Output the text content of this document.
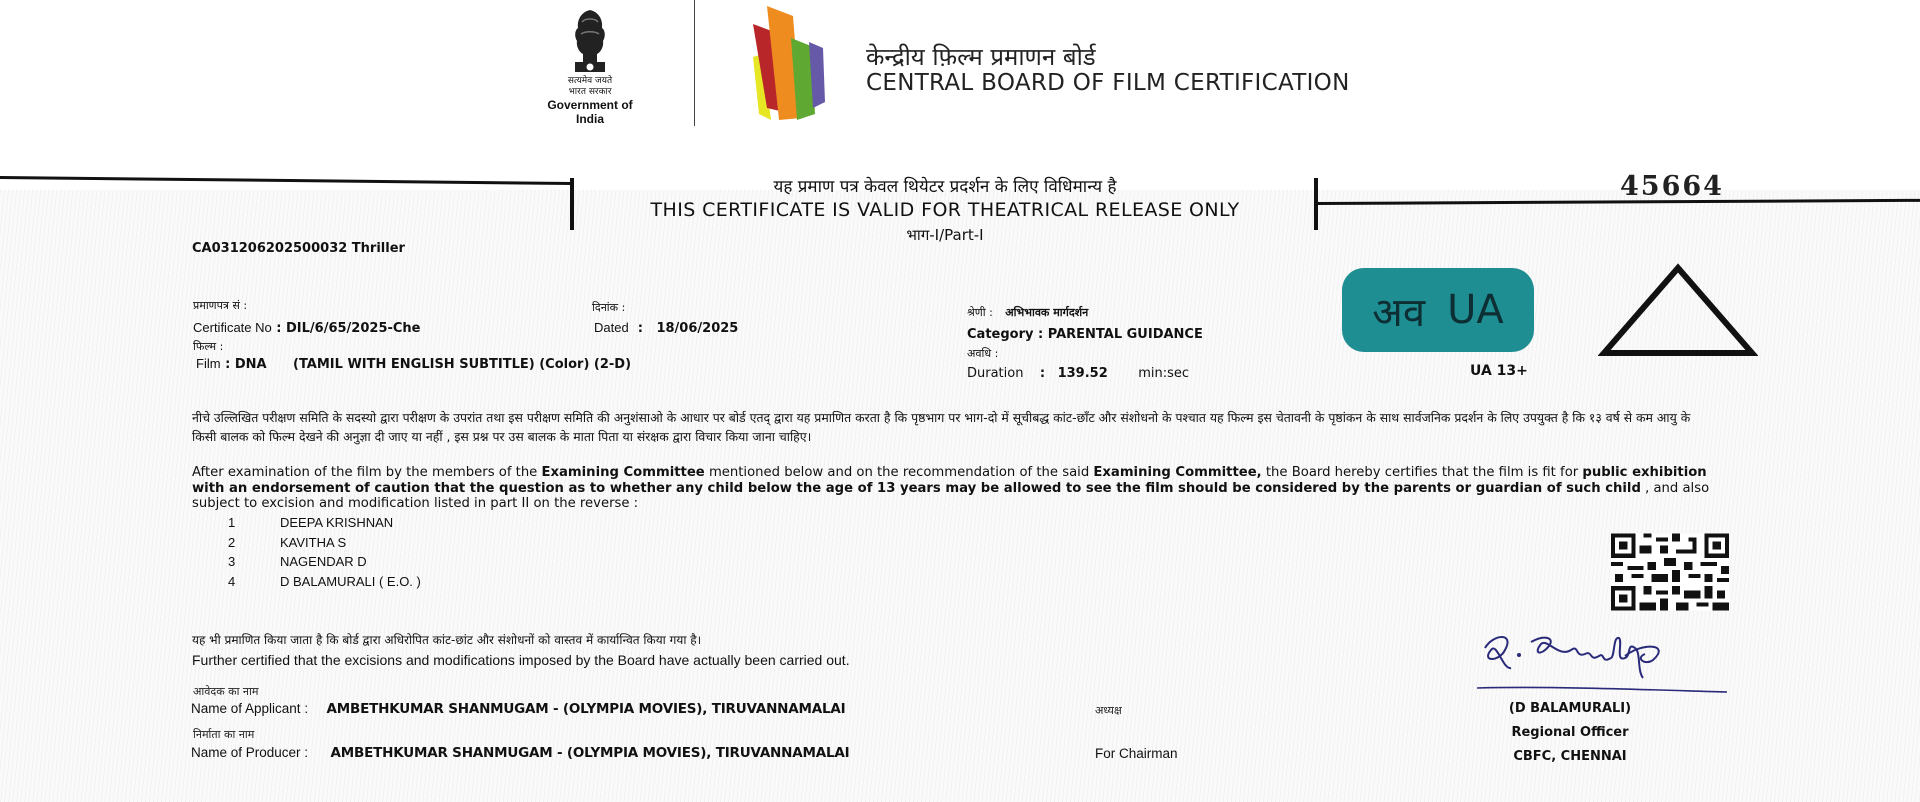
सत्यमेव जयते
भारत सरकार
Government of India
केन्द्रीय फ़िल्म प्रमाणन बोर्ड
CENTRAL BOARD OF FILM CERTIFICATION
यह प्रमाण पत्र केवल थियेटर प्रदर्शन के लिए विधिमान्य है
THIS CERTIFICATE IS VALID FOR THEATRICAL RELEASE ONLY
भाग-I/Part-I
45664
CA031206202500032 Thriller
प्रमाणपत्र सं :
Certificate No : DIL/6/65/2025-Che
दिनांक :
Dated  :   18/06/2025
फिल्म :
Film : DNA (TAMIL WITH ENGLISH SUBTITLE) (Color) (2-D)
श्रेणी : अभिभावक मार्गदर्शन
Category : PARENTAL GUIDANCE
अवधि :
Duration : 139.52 min:sec
अव UA
UA 13+
नीचे उल्लिखित परीक्षण समिति के सदस्यो द्वारा परीक्षण के उपरांत तथा इस परीक्षण समिति की अनुशंसाओ के आधार पर बोर्ड एतद् द्वारा यह प्रमाणित करता है कि पृष्ठभाग पर भाग-दो में सूचीबद्ध कांट-छाँट और संशोधनो के पश्चात यह फिल्म इस चेतावनी के पृष्ठांकन के साथ सार्वजनिक प्रदर्शन के लिए उपयुक्त है कि १३ वर्ष से कम आयु के किसी बालक को फिल्म देखने की अनुज्ञा दी जाए या नहीं , इस प्रश्न पर उस बालक के माता पिता या संरक्षक द्वारा विचार किया जाना चाहिए।
After examination of the film by the members of the Examining Committee mentioned below and on the recommendation of the said Examining Committee, the Board hereby certifies that the film is fit for public exhibition with an endorsement of caution that the question as to whether any child below the age of 13 years may be allowed to see the film should be considered by the parents or guardian of such child , and also subject to excision and modification listed in part II on the reverse :
1	DEEPA KRISHNAN
2	KAVITHA S
3	NAGENDAR D
4	D BALAMURALI ( E.O. )
यह भी प्रमाणित किया जाता है कि बोर्ड द्वारा अधिरोपित कांट-छांट और संशोधनों को वास्तव में कार्यान्वित किया गया है।
Further certified that the excisions and modifications imposed by the Board have actually been carried out.
आवेदक का नाम
Name of Applicant : AMBETHKUMAR SHANMUGAM - (OLYMPIA MOVIES), TIRUVANNAMALAI
निर्माता का नाम
Name of Producer : AMBETHKUMAR SHANMUGAM - (OLYMPIA MOVIES), TIRUVANNAMALAI
अध्यक्ष
For Chairman
(D BALAMURALI)
Regional Officer
CBFC, CHENNAI
